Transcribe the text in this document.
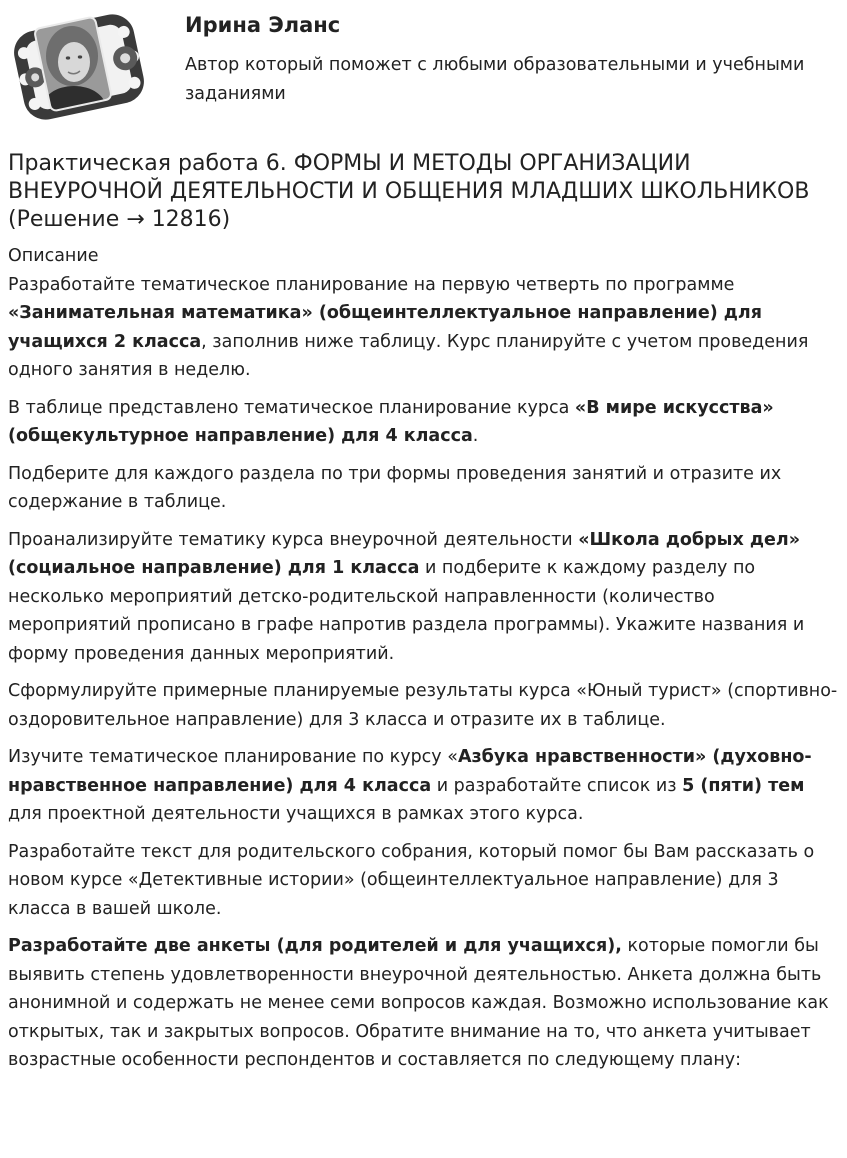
Ирина Эланс
Автор который поможет с любыми образовательными и учебными заданиями
Практическая работа 6. ФОРМЫ И МЕТОДЫ ОРГАНИЗАЦИИ ВНЕУРОЧНОЙ ДЕЯТЕЛЬНОСТИ И ОБЩЕНИЯ МЛАДШИХ ШКОЛЬНИКОВ (Решение → 12816)
Описание

Разработайте тематическое планирование на первую четверть по программе «Занимательная математика» (общеинтеллектуальное направление) для учащихся 2 класса, заполнив ниже таблицу. Курс планируйте с учетом проведения одного занятия в неделю.

В таблице представлено тематическое планирование курса «В мире искусства» (общекультурное направление) для 4 класса.

Подберите для каждого раздела по три формы проведения занятий и отразите их содержание в таблице.

Проанализируйте тематику курса внеурочной деятельности «Школа добрых дел» (социальное направление) для 1 класса и подберите к каждому разделу по несколько мероприятий детско-родительской направленности (количество мероприятий прописано в графе напротив раздела программы). Укажите названия и форму проведения данных мероприятий.

Сформулируйте примерные планируемые результаты курса «Юный турист» (спортивно-оздоровительное направление) для 3 класса и отразите их в таблице.

Изучите тематическое планирование по курсу «Азбука нравственности» (духовно-нравственное направление) для 4 класса и разработайте список из 5 (пяти) тем для проектной деятельности учащихся в рамках этого курса.

Разработайте текст для родительского собрания, который помог бы Вам рассказать о новом курсе «Детективные истории» (общеинтеллектуальное направление) для 3 класса в вашей школе.

Разработайте две анкеты (для родителей и для учащихся), которые помогли бы выявить степень удовлетворенности внеурочной деятельностью. Анкета должна быть анонимной и содержать не менее семи вопросов каждая. Возможно использование как открытых, так и закрытых вопросов. Обратите внимание на то, что анкета учитывает возрастные особенности респондентов и составляется по следующему плану:
